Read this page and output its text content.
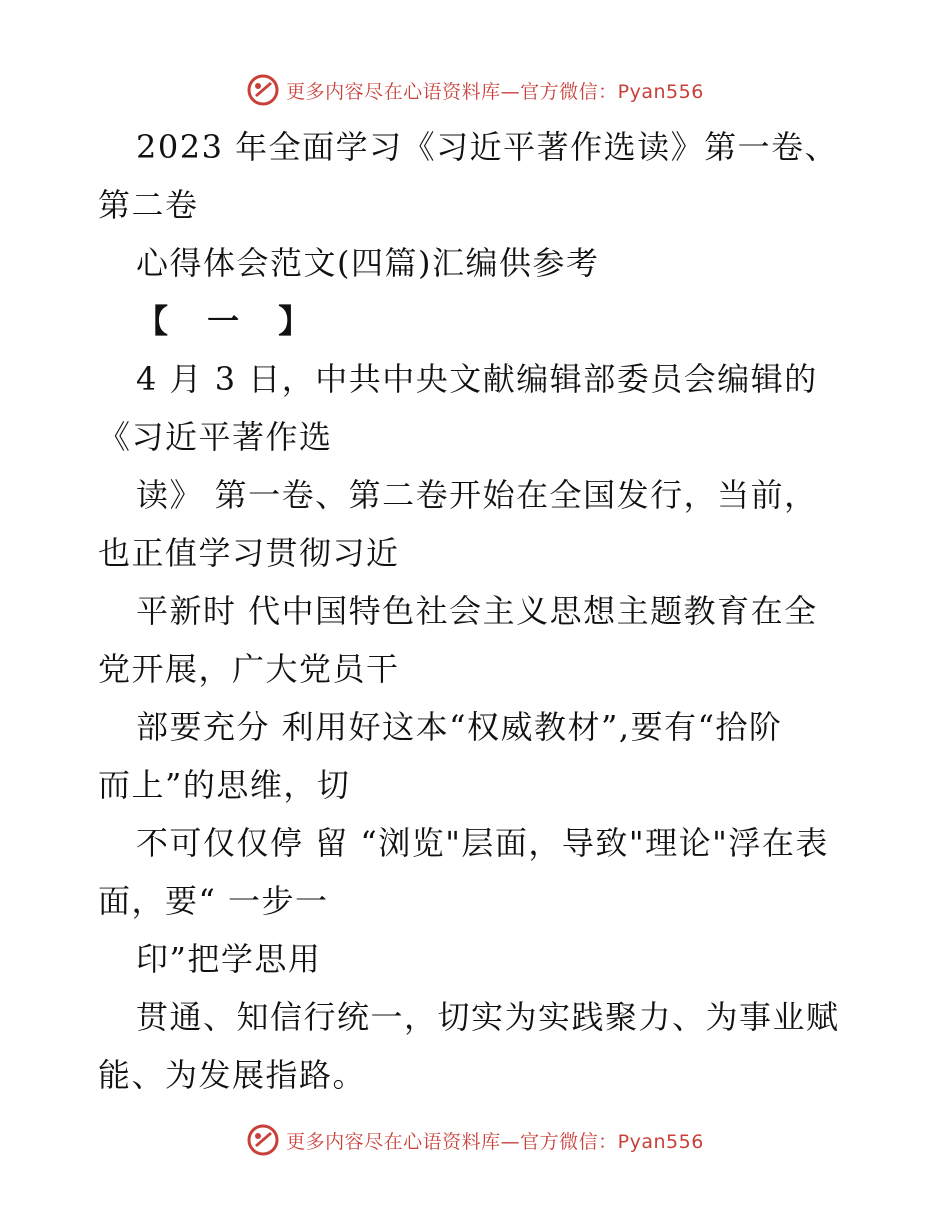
更多内容尽在心语资料库—官方微信：Pyan556

2023 年全面学习《习近平著作选读》第一卷、

第二卷

心得体会范文(四篇)汇编供参考

【 一 】

4 月 3 日，中共中央文献编辑部委员会编辑的

《习近平著作选

读》 第一卷、第二卷开始在全国发行，当前，

也正值学习贯彻习近

平新时 代中国特色社会主义思想主题教育在全

党开展，广大党员干

部要充分 利用好这本“权威教材”,要有“拾阶

而上”的思维，切

不可仅仅停 留 “浏览"层面，导致"理论"浮在表

面，要“ 一步一

印”把学思用

贯通、知信行统一，切实为实践聚力、为事业赋

能、为发展指路。

更多内容尽在心语资料库—官方微信：Pyan556
